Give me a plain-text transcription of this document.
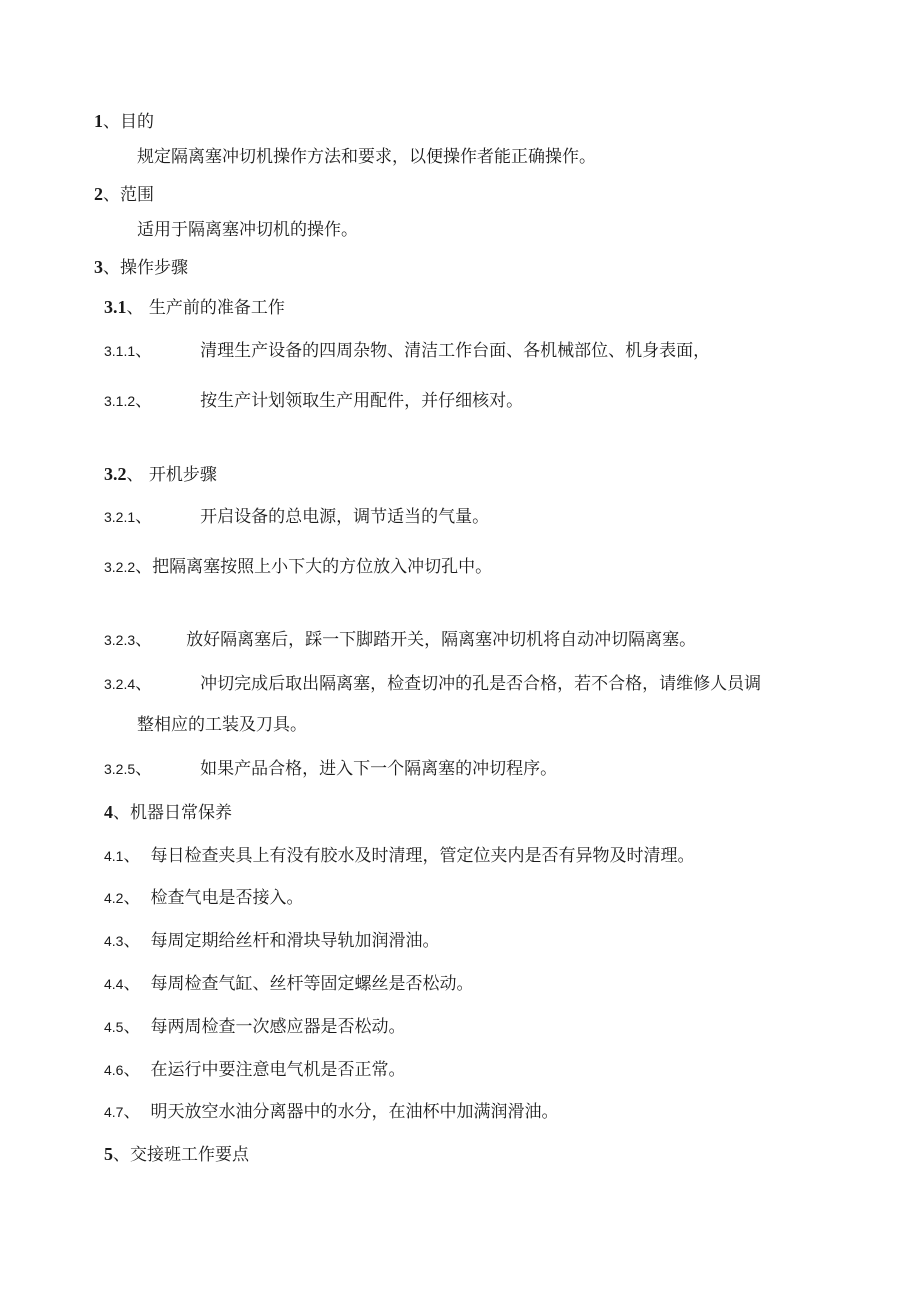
1、目的
规定隔离塞冲切机操作方法和要求，以便操作者能正确操作。
2、范围
适用于隔离塞冲切机的操作。
3、操作步骤
3.1、 生产前的准备工作
3.1.1、	清理生产设备的四周杂物、清洁工作台面、各机械部位、机身表面，
3.1.2、	按生产计划领取生产用配件，并仔细核对。
3.2、 开机步骤
3.2.1、	开启设备的总电源，调节适当的气量。
3.2.2、把隔离塞按照上小下大的方位放入冲切孔中。
3.2.3、 放好隔离塞后，踩一下脚踏开关，隔离塞冲切机将自动冲切隔离塞。
3.2.4、	冲切完成后取出隔离塞，检查切冲的孔是否合格，若不合格，请维修人员调
整相应的工装及刀具。
3.2.5、	如果产品合格，进入下一个隔离塞的冲切程序。
4、机器日常保养
4.1、 每日检查夹具上有没有胶水及时清理，管定位夹内是否有异物及时清理。
4.2、 检查气电是否接入。
4.3、 每周定期给丝杆和滑块导轨加润滑油。
4.4、 每周检查气缸、丝杆等固定螺丝是否松动。
4.5、 每两周检查一次感应器是否松动。
4.6、 在运行中要注意电气机是否正常。
4.7、 明天放空水油分离器中的水分，在油杯中加满润滑油。
5、交接班工作要点
